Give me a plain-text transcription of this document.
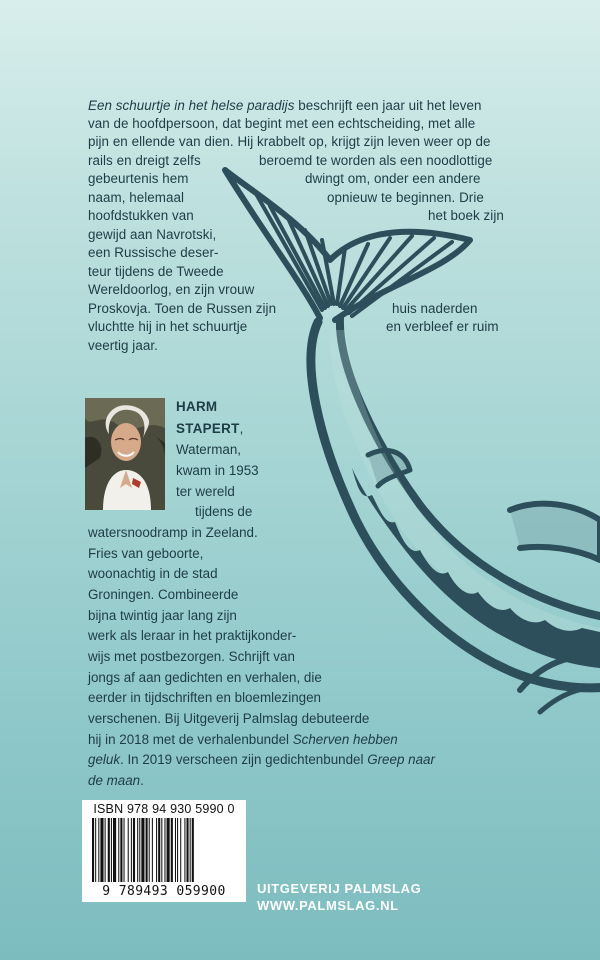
Een schuurtje in het helse paradijs beschrijft een jaar uit het leven
van de hoofdpersoon, dat begint met een echtscheiding, met alle
pijn en ellende van dien. Hij krabbelt op, krijgt zijn leven weer op de
rails en dreigt zelfs	beroemd te worden als een noodlottige
gebeurtenis hem	dwingt om, onder een andere
naam, helemaal	opnieuw te beginnen. Drie
hoofdstukken van	het boek zijn
gewijd aan Navrotski,
een Russische deser-
teur tijdens de Tweede
Wereldoorlog, en zijn vrouw
Proskovja. Toen de Russen zijn	huis naderden
vluchtte hij in het schuurtje	en verbleef er ruim
veertig jaar.
HARM
STAPERT,
Waterman,
kwam in 1953
ter wereld
tijdens de
watersnoodramp in Zeeland.
Fries van geboorte,
woonachtig in de stad
Groningen. Combineerde
bijna twintig jaar lang zijn
werk als leraar in het praktijkonder-
wijs met postbezorgen. Schrijft van
jongs af aan gedichten en verhalen, die
eerder in tijdschriften en bloemlezingen
verschenen. Bij Uitgeverij Palmslag debuteerde
hij in 2018 met de verhalenbundel Scherven hebben
geluk. In 2019 verscheen zijn gedichtenbundel Greep naar
de maan.
ISBN 978 94 930 5990 0
9 789493 059900	UITGEVERIJ PALMSLAG
WWW.PALMSLAG.NL
